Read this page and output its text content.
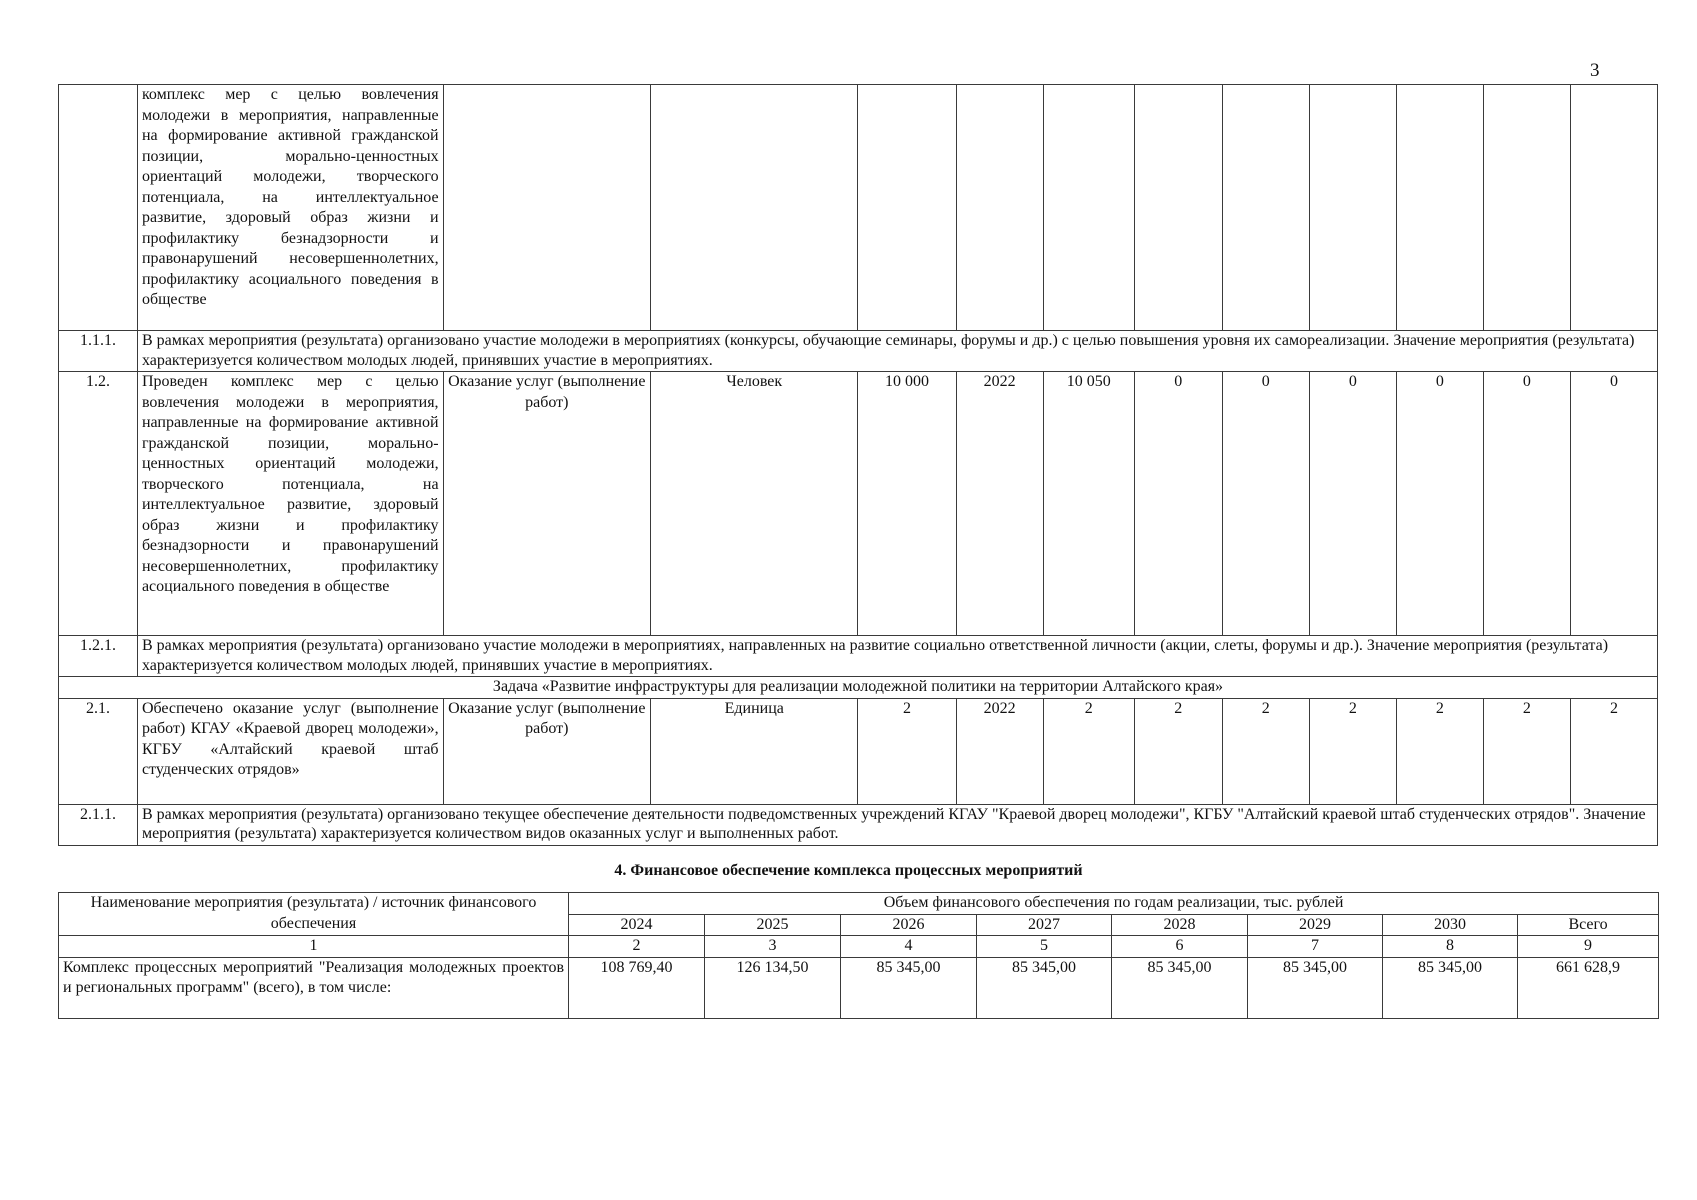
3
	комплекс мер с целью вовлечения молодежи в мероприятия, направленные на формирование активной гражданской позиции, морально-ценностных ориентаций молодежи, творческого потенциала, на интеллектуальное развитие, здоровый образ жизни и профилактику безнадзорности и правонарушений несовершеннолетних, профилактику асоциального поведения в обществе											
1.1.1.	В рамках мероприятия (результата) организовано участие молодежи в мероприятиях (конкурсы, обучающие семинары, форумы и др.) с целью повышения уровня их самореализации. Значение мероприятия (результата) характеризуется количеством молодых людей, принявших участие в мероприятиях.											
1.2.	Проведен комплекс мер с целью вовлечения молодежи в мероприятия, направленные на формирование активной гражданской позиции, морально-ценностных ориентаций молодежи, творческого потенциала, на интеллектуальное развитие, здоровый образ жизни и профилактику безнадзорности и правонарушений несовершеннолетних, профилактику асоциального поведения в обществе	Оказание услуг (выполнение работ)	Человек	10 000	2022	10 050	0	0	0	0	0	0
1.2.1.	В рамках мероприятия (результата) организовано участие молодежи в мероприятиях, направленных на развитие социально ответственной личности (акции, слеты, форумы и др.). Значение мероприятия (результата) характеризуется количеством молодых людей, принявших участие в мероприятиях.											
Задача «Развитие инфраструктуры для реализации молодежной политики на территории Алтайского края»												
2.1.	Обеспечено оказание услуг (выполнение работ) КГАУ «Краевой дворец молодежи», КГБУ «Алтайский краевой штаб студенческих отрядов»	Оказание услуг (выполнение работ)	Единица	2	2022	2	2	2	2	2	2	2
2.1.1.	В рамках мероприятия (результата) организовано текущее обеспечение деятельности подведомственных учреждений КГАУ "Краевой дворец молодежи", КГБУ "Алтайский краевой штаб студенческих отрядов". Значение мероприятия (результата) характеризуется количеством видов оказанных услуг и выполненных работ.											
4. Финансовое обеспечение комплекса процессных мероприятий
Наименование мероприятия (результата) / источник финансового обеспечения	Объем финансового обеспечения по годам реализации, тыс. рублей							
	2024	2025	2026	2027	2028	2029	2030	Всего
1	2	3	4	5	6	7	8	9
Комплекс процессных мероприятий "Реализация молодежных проектов и региональных программ" (всего), в том числе:	108 769,40	126 134,50	85 345,00	85 345,00	85 345,00	85 345,00	85 345,00	661 628,9
